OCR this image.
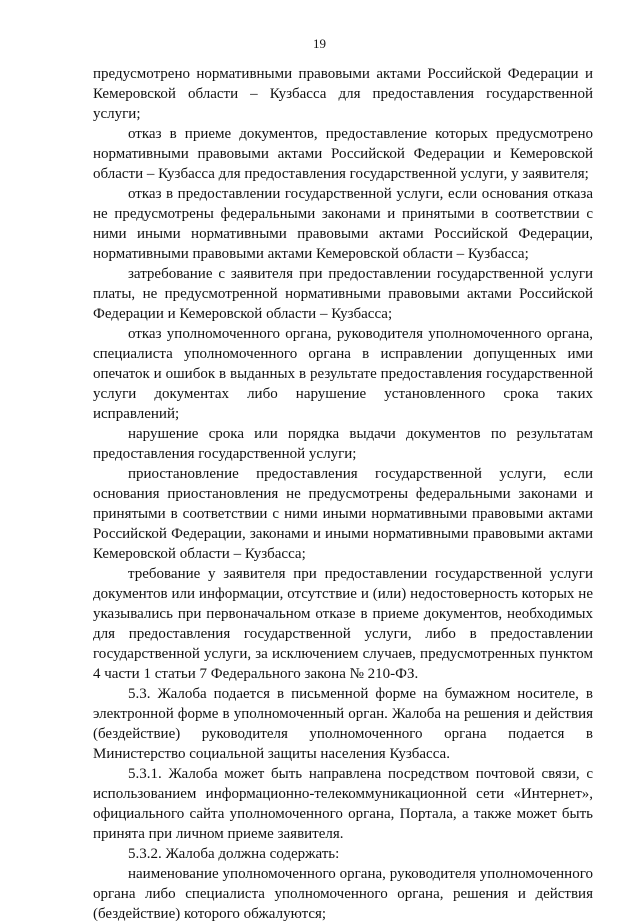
19

предусмотрено нормативными правовыми актами Российской Федерации и Кемеровской области – Кузбасса для предоставления государственной услуги;

отказ в приеме документов, предоставление которых предусмотрено нормативными правовыми актами Российской Федерации и Кемеровской области – Кузбасса для предоставления государственной услуги, у заявителя;

отказ в предоставлении государственной услуги, если основания отказа не предусмотрены федеральными законами и принятыми в соответствии с ними иными нормативными правовыми актами Российской Федерации, нормативными правовыми актами Кемеровской области – Кузбасса;

затребование с заявителя при предоставлении государственной услуги платы, не предусмотренной нормативными правовыми актами Российской Федерации и Кемеровской области – Кузбасса;

отказ уполномоченного органа, руководителя уполномоченного органа, специалиста уполномоченного органа в исправлении допущенных ими опечаток и ошибок в выданных в результате предоставления государственной услуги документах либо нарушение установленного срока таких исправлений;

нарушение срока или порядка выдачи документов по результатам предоставления государственной услуги;

приостановление предоставления государственной услуги, если основания приостановления не предусмотрены федеральными законами и принятыми в соответствии с ними иными нормативными правовыми актами Российской Федерации, законами и иными нормативными правовыми актами Кемеровской области – Кузбасса;

требование у заявителя при предоставлении государственной услуги документов или информации, отсутствие и (или) недостоверность которых не указывались при первоначальном отказе в приеме документов, необходимых для предоставления государственной услуги, либо в предоставлении государственной услуги, за исключением случаев, предусмотренных пунктом 4 части 1 статьи 7 Федерального закона № 210-ФЗ.

5.3. Жалоба подается в письменной форме на бумажном носителе, в электронной форме в уполномоченный орган. Жалоба на решения и действия (бездействие) руководителя уполномоченного органа подается в Министерство социальной защиты населения Кузбасса.

5.3.1. Жалоба может быть направлена посредством почтовой связи, с использованием информационно-телекоммуникационной сети «Интернет», официального сайта уполномоченного органа, Портала, а также может быть принята при личном приеме заявителя.

5.3.2. Жалоба должна содержать:

наименование уполномоченного органа, руководителя уполномоченного органа либо специалиста уполномоченного органа, решения и действия (бездействие) которого обжалуются;
